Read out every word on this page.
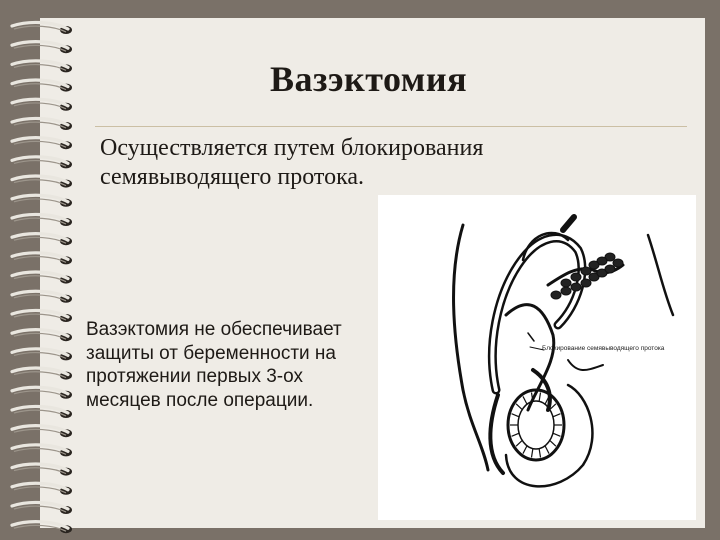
Вазэктомия
Осуществляется путем блокирования семявыводящего протока.
Вазэктомия не обеспечивает защиты от беременности на протяжении первых 3-ох месяцев после операции.
Блокирование семявыводящего протока
